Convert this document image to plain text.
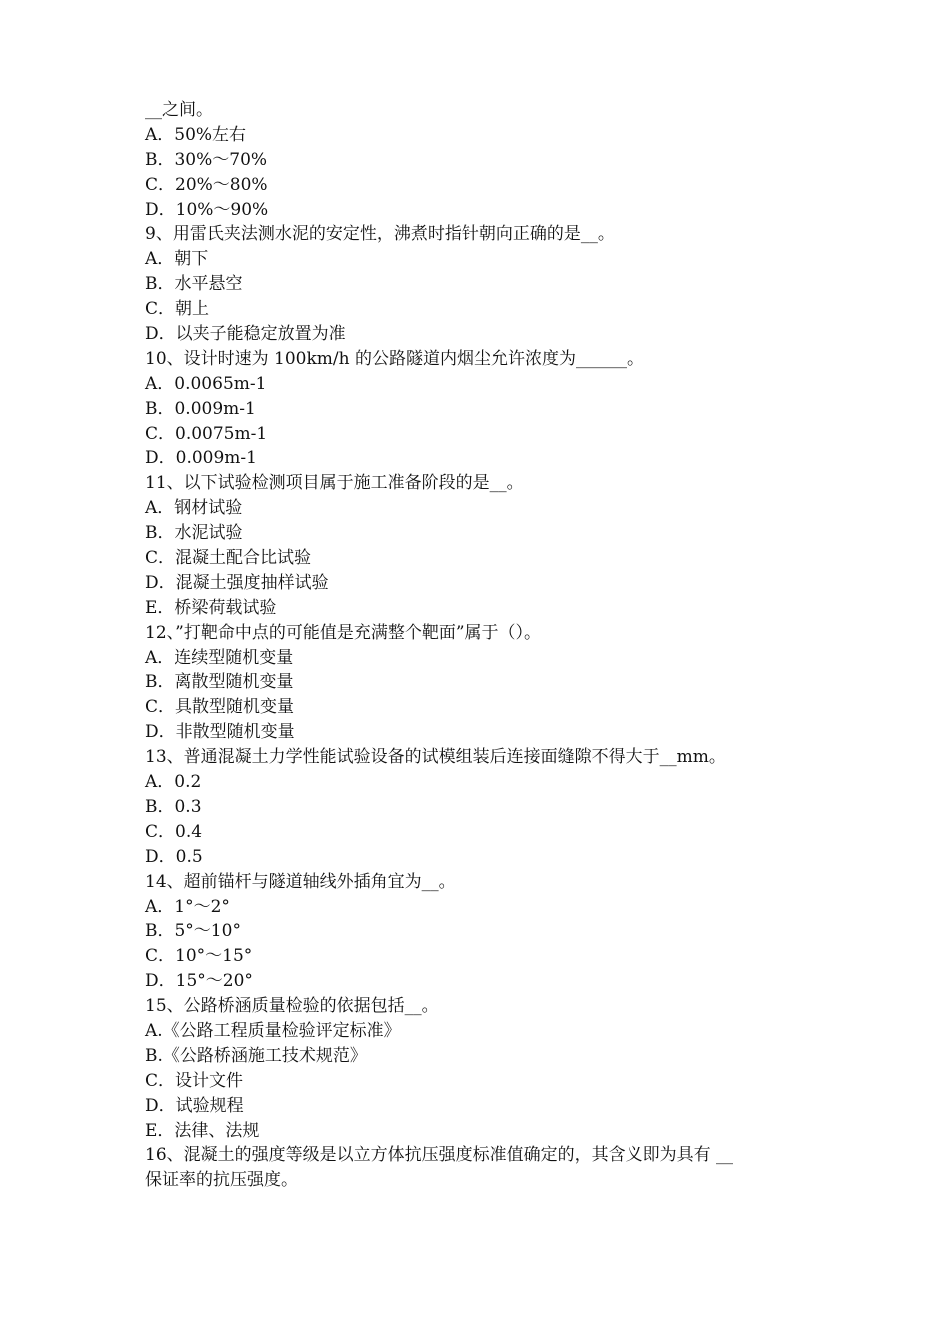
__之间。
A．50%左右
B．30%～70%
C．20%～80%
D．10%～90%
9、用雷氏夹法测水泥的安定性，沸煮时指针朝向正确的是__。
A．朝下
B．水平悬空
C．朝上
D．以夹子能稳定放置为准
10、设计时速为 100km/h 的公路隧道内烟尘允许浓度为______。
A．0.0065m-1
B．0.009m-1
C．0.0075m-1
D．0.009m-1
11、以下试验检测项目属于施工准备阶段的是__。
A．钢材试验
B．水泥试验
C．混凝土配合比试验
D．混凝土强度抽样试验
E．桥梁荷载试验
12、”打靶命中点的可能值是充满整个靶面”属于（）。
A．连续型随机变量
B．离散型随机变量
C．具散型随机变量
D．非散型随机变量
13、普通混凝土力学性能试验设备的试模组装后连接面缝隙不得大于__mm。
A．0.2
B．0.3
C．0.4
D．0.5
14、超前锚杆与隧道轴线外插角宜为__。
A．1°～2°
B．5°～10°
C．10°～15°
D．15°～20°
15、公路桥涵质量检验的依据包括__。
A.《公路工程质量检验评定标准》
B.《公路桥涵施工技术规范》
C．设计文件
D．试验规程
E．法律、法规
16、混凝土的强度等级是以立方体抗压强度标准值确定的，其含义即为具有 __
保证率的抗压强度。
